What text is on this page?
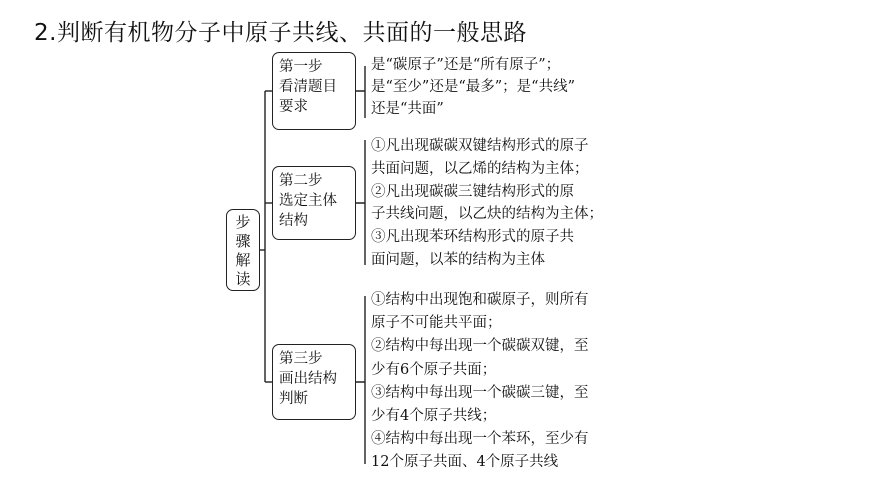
2.判断有机物分子中原子共线、共面的一般思路
步
骤
解
读
第一步
看清题目
要求
是“碳原子”还是“所有原子”；
是“至少”还是“最多”；是“共线”
还是“共面”
第二步
选定主体
结构
①凡出现碳碳双键结构形式的原子
共面问题，以乙烯的结构为主体；
②凡出现碳碳三键结构形式的原
子共线问题，以乙炔的结构为主体；
③凡出现苯环结构形式的原子共
面问题，以苯的结构为主体
第三步
画出结构
判断
①结构中出现饱和碳原子，则所有
原子不可能共平面；
②结构中每出现一个碳碳双键，至
少有6个原子共面；
③结构中每出现一个碳碳三键，至
少有4个原子共线；
④结构中每出现一个苯环，至少有
12个原子共面、4个原子共线
